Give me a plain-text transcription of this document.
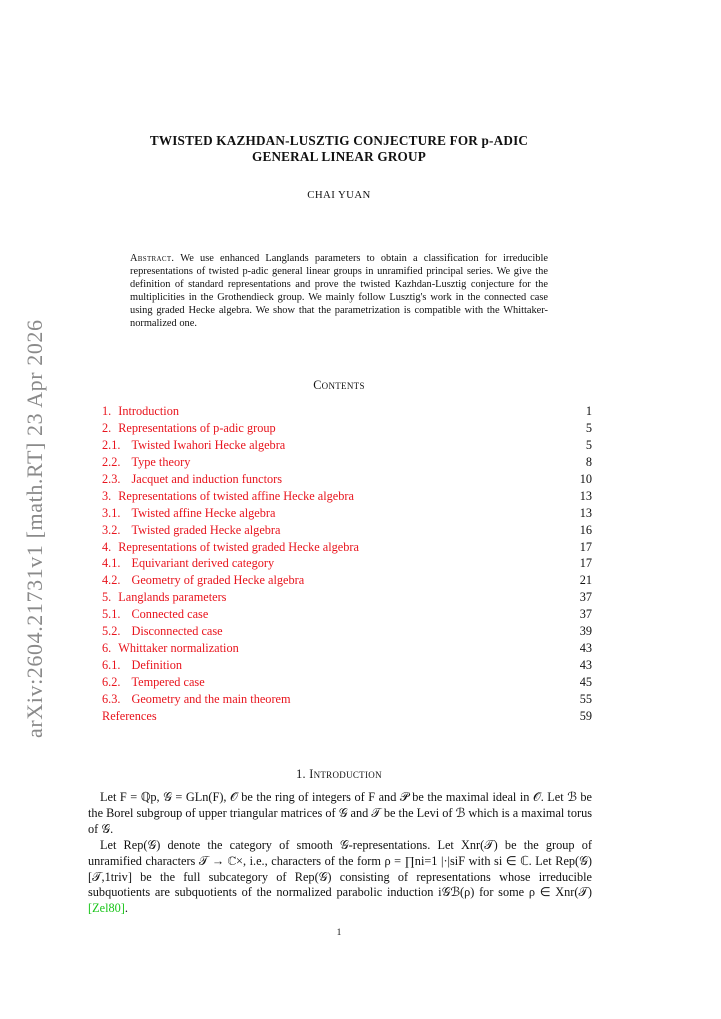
arXiv:2604.21731v1 [math.RT] 23 Apr 2026
TWISTED KAZHDAN-LUSZTIG CONJECTURE FOR p-ADIC
GENERAL LINEAR GROUP
CHAI YUAN
Abstract. We use enhanced Langlands parameters to obtain a classification for irreducible representations of twisted p-adic general linear groups in unramified principal series. We give the definition of standard representations and prove the twisted Kazhdan-Lusztig conjecture for the multiplicities in the Grothendieck group. We mainly follow Lusztig's work in the connected case using graded Hecke algebra. We show that the parametrization is compatible with the Whittaker-normalized one.
Contents
1. Introduction	1
2. Representations of p-adic group	5
2.1. Twisted Iwahori Hecke algebra	5
2.2. Type theory	8
2.3. Jacquet and induction functors	10
3. Representations of twisted affine Hecke algebra	13
3.1. Twisted affine Hecke algebra	13
3.2. Twisted graded Hecke algebra	16
4. Representations of twisted graded Hecke algebra	17
4.1. Equivariant derived category	17
4.2. Geometry of graded Hecke algebra	21
5. Langlands parameters	37
5.1. Connected case	37
5.2. Disconnected case	39
6. Whittaker normalization	43
6.1. Definition	43
6.2. Tempered case	45
6.3. Geometry and the main theorem	55
References	59
1. Introduction

Let F = ℚp, 𝒢 = GLn(F), 𝒪 be the ring of integers of F and 𝒫 be the maximal ideal in 𝒪. Let ℬ be the Borel subgroup of upper triangular matrices of 𝒢 and 𝒯 be the Levi of ℬ which is a maximal torus of 𝒢.

Let Rep(𝒢) denote the category of smooth 𝒢-representations. Let Xnr(𝒯) be the group of unramified characters 𝒯 → ℂ×, i.e., characters of the form ρ = ∏ni=1 |·|siF with si ∈ ℂ. Let Rep(𝒢)[𝒯,1triv] be the full subcategory of Rep(𝒢) consisting of representations whose irreducible subquotients are subquotients of the normalized parabolic induction i𝒢ℬ(ρ) for some ρ ∈ Xnr(𝒯) [Zel80].

1
